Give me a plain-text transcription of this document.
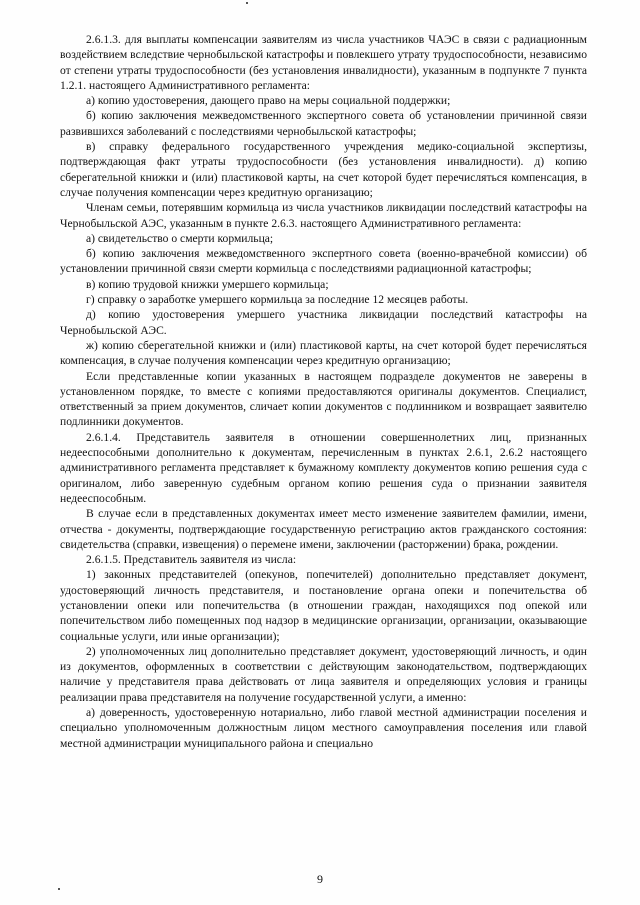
2.6.1.3. для выплаты компенсации заявителям из числа участников ЧАЭС в связи с радиационным воздействием вследствие чернобыльской катастрофы и повлекшего утрату трудоспособности, независимо от степени утраты трудоспособности (без установления инвалидности), указанным в подпункте 7 пункта 1.2.1. настоящего Административного регламента:

а) копию удостоверения, дающего право на меры социальной поддержки;

б) копию заключения межведомственного экспертного совета об установлении причинной связи развившихся заболеваний с последствиями чернобыльской катастрофы;

в) справку федерального государственного учреждения медико-социальной экспертизы, подтверждающая факт утраты трудоспособности (без установления инвалидности). д) копию сберегательной книжки и (или) пластиковой карты, на счет которой будет перечисляться компенсация, в случае получения компенсации через кредитную организацию;

Членам семьи, потерявшим кормильца из числа участников ликвидации последствий катастрофы на Чернобыльской АЭС, указанным в пункте 2.6.3. настоящего Административного регламента:

а) свидетельство о смерти кормильца;

б) копию заключения межведомственного экспертного совета (военно-врачебной комиссии) об установлении причинной связи смерти кормильца с последствиями радиационной катастрофы;

в) копию трудовой книжки умершего кормильца;

г) справку о заработке умершего кормильца за последние 12 месяцев работы.

д) копию удостоверения умершего участника ликвидации последствий катастрофы на Чернобыльской АЭС.

ж) копию сберегательной книжки и (или) пластиковой карты, на счет которой будет перечисляться компенсация, в случае получения компенсации через кредитную организацию;

Если представленные копии указанных в настоящем подразделе документов не заверены в установленном порядке, то вместе с копиями предоставляются оригиналы документов. Специалист, ответственный за прием документов, сличает копии документов с подлинником и возвращает заявителю подлинники документов.

2.6.1.4. Представитель заявителя в отношении совершеннолетних лиц, признанных недееспособными дополнительно к документам, перечисленным в пунктах 2.6.1, 2.6.2 настоящего административного регламента представляет к бумажному комплекту документов копию решения суда с оригиналом, либо заверенную судебным органом копию решения суда о признании заявителя недееспособным.

В случае если в представленных документах имеет место изменение заявителем фамилии, имени, отчества - документы, подтверждающие государственную регистрацию актов гражданского состояния: свидетельства (справки, извещения) о перемене имени, заключении (расторжении) брака, рождении.

2.6.1.5. Представитель заявителя из числа:

1) законных представителей (опекунов, попечителей) дополнительно представляет документ, удостоверяющий личность представителя, и постановление органа опеки и попечительства об установлении опеки или попечительства (в отношении граждан, находящихся под опекой или попечительством либо помещенных под надзор в медицинские организации, организации, оказывающие социальные услуги, или иные организации);

2) уполномоченных лиц дополнительно представляет документ, удостоверяющий личность, и один из документов, оформленных в соответствии с действующим законодательством, подтверждающих наличие у представителя права действовать от лица заявителя и определяющих условия и границы реализации права представителя на получение государственной услуги, а именно:

а) доверенность, удостоверенную нотариально, либо главой местной администрации поселения и специально уполномоченным должностным лицом местного самоуправления поселения или главой местной администрации муниципального района и специально

9
